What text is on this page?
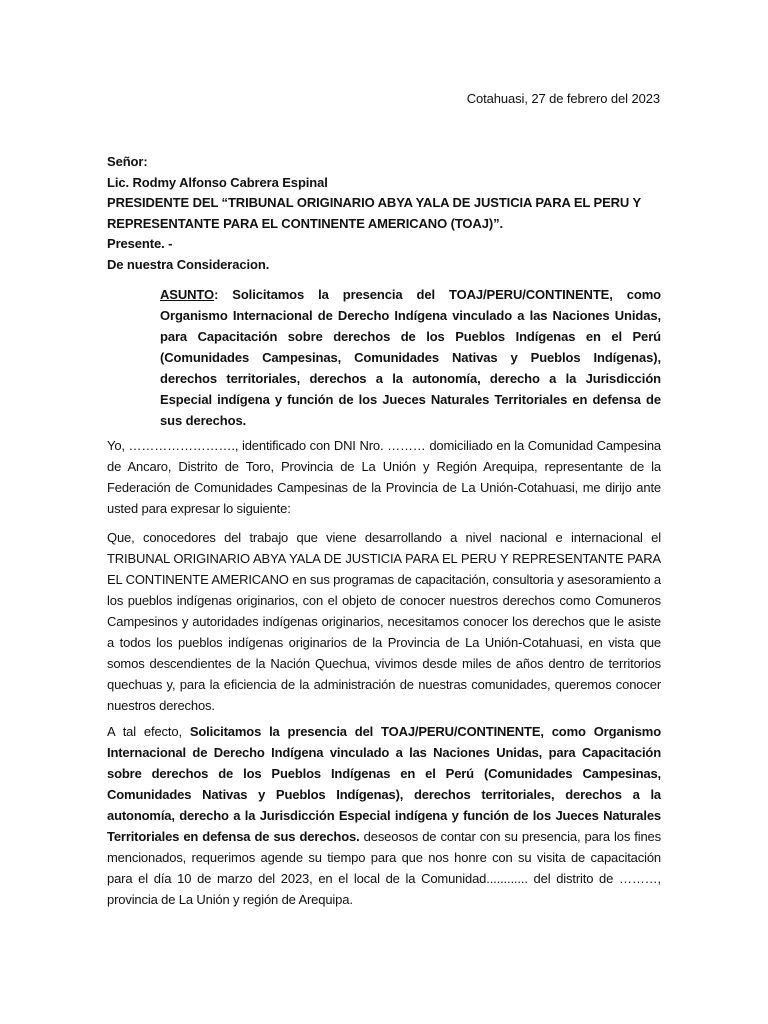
Cotahuasi, 27 de febrero del 2023
Señor:
Lic. Rodmy Alfonso Cabrera Espinal
PRESIDENTE DEL “TRIBUNAL ORIGINARIO ABYA YALA DE JUSTICIA PARA EL PERU Y
REPRESENTANTE PARA EL CONTINENTE AMERICANO (TOAJ)”.
Presente. -
De nuestra Consideracion.
ASUNTO: Solicitamos la presencia del TOAJ/PERU/CONTINENTE, como Organismo Internacional de Derecho Indígena vinculado a las Naciones Unidas, para Capacitación sobre derechos de los Pueblos Indígenas en el Perú (Comunidades Campesinas, Comunidades Nativas y Pueblos Indígenas), derechos territoriales, derechos a la autonomía, derecho a la Jurisdicción Especial indígena y función de los Jueces Naturales Territoriales en defensa de sus derechos.
Yo, ……………………., identificado con DNI Nro. ……… domiciliado en la Comunidad Campesina de Ancaro, Distrito de Toro, Provincia de La Unión y Región Arequipa, representante de la Federación de Comunidades Campesinas de la Provincia de La Unión-Cotahuasi, me dirijo ante usted para expresar lo siguiente:
Que, conocedores del trabajo que viene desarrollando a nivel nacional e internacional el TRIBUNAL ORIGINARIO ABYA YALA DE JUSTICIA PARA EL PERU Y REPRESENTANTE PARA EL CONTINENTE AMERICANO en sus programas de capacitación, consultoria y asesoramiento a los pueblos indígenas originarios, con el objeto de conocer nuestros derechos como Comuneros Campesinos y autoridades indígenas originarios, necesitamos conocer los derechos que le asiste a todos los pueblos indígenas originarios de la Provincia de La Unión-Cotahuasi, en vista que somos descendientes de la Nación Quechua, vivimos desde miles de años dentro de territorios quechuas y, para la eficiencia de la administración de nuestras comunidades, queremos conocer nuestros derechos.
A tal efecto, Solicitamos la presencia del TOAJ/PERU/CONTINENTE, como Organismo Internacional de Derecho Indígena vinculado a las Naciones Unidas, para Capacitación sobre derechos de los Pueblos Indígenas en el Perú (Comunidades Campesinas, Comunidades Nativas y Pueblos Indígenas), derechos territoriales, derechos a la autonomía, derecho a la Jurisdicción Especial indígena y función de los Jueces Naturales Territoriales en defensa de sus derechos. deseosos de contar con su presencia, para los fines mencionados, requerimos agende su tiempo para que nos honre con su visita de capacitación para el día 10 de marzo del 2023, en el local de la Comunidad............ del distrito de ………, provincia de La Unión y región de Arequipa.
